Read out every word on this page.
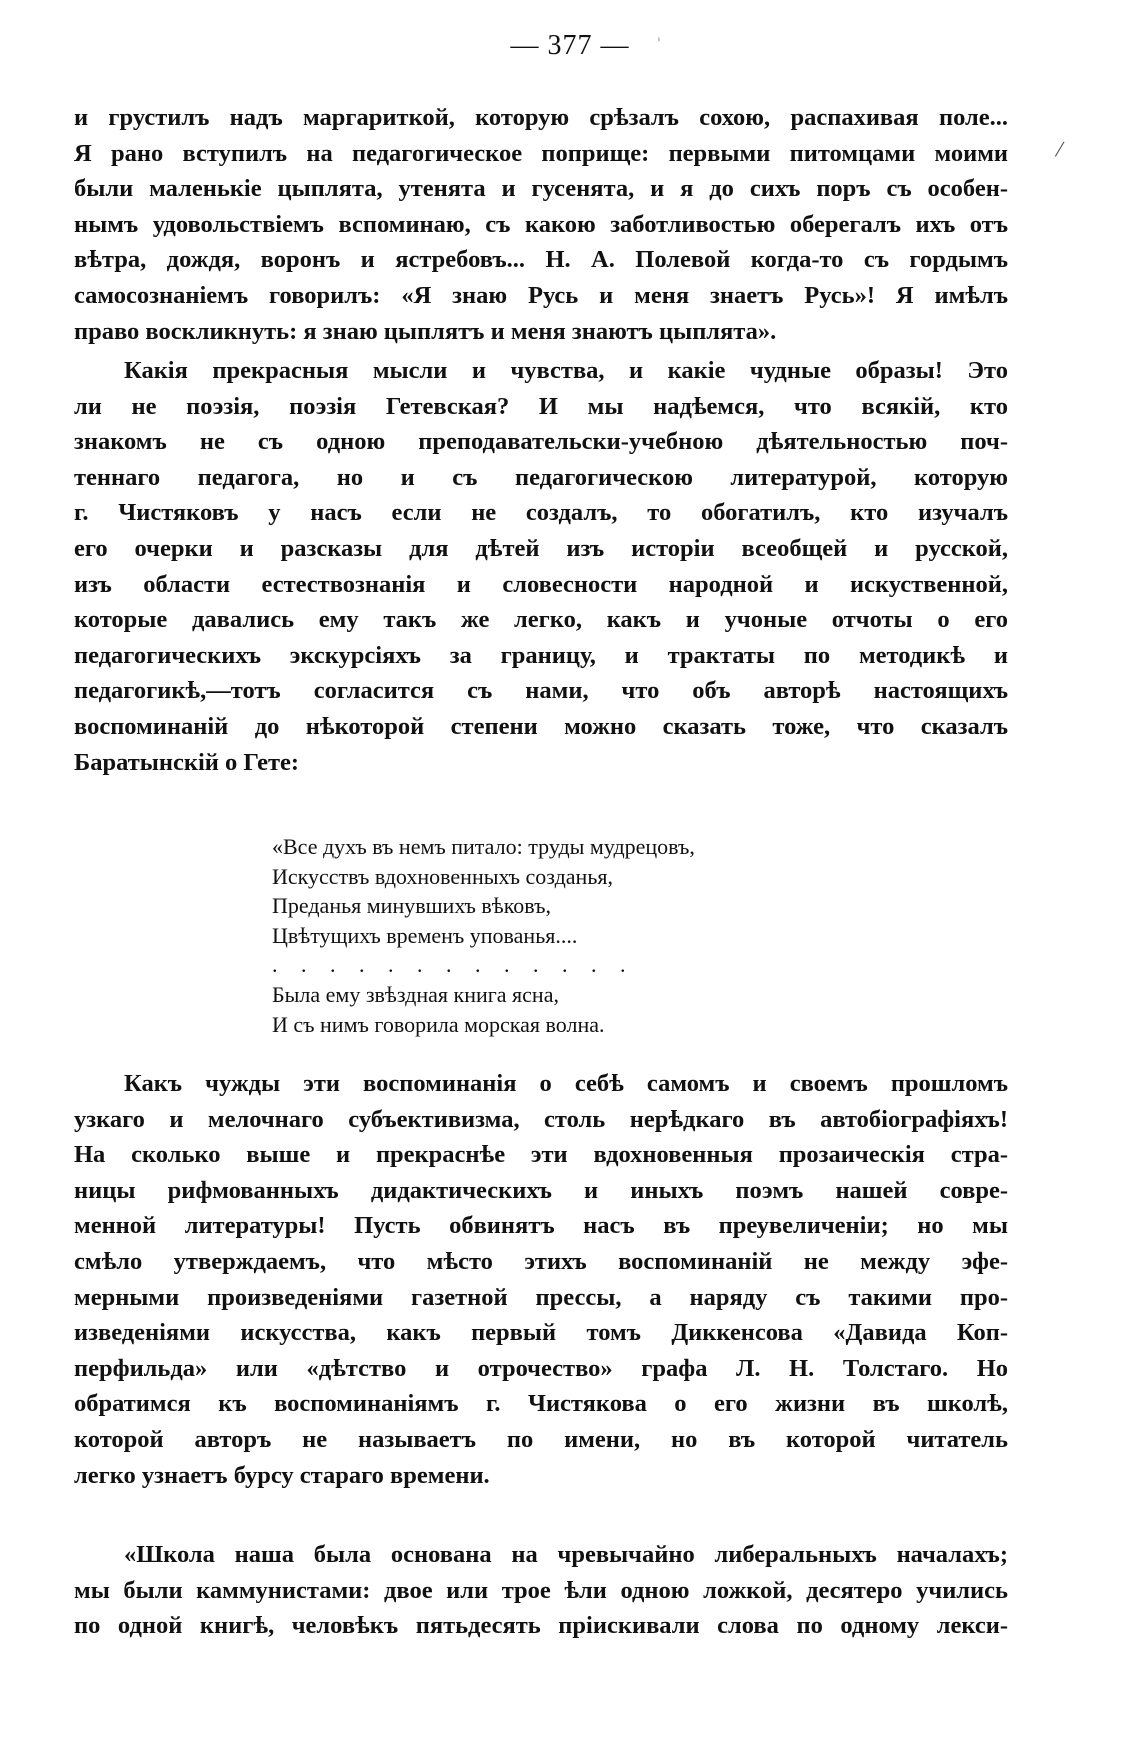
— 377 —	'
/
и грустилъ надъ маргариткой, которую срѣзалъ сохою, распахивая поле...
Я рано вступилъ на педагогическое поприще: первыми питомцами моими
были маленькіе цыплята, утенята и гусенята, и я до сихъ поръ съ особен-
нымъ удовольствіемъ вспоминаю, съ какою заботливостью оберегалъ ихъ отъ
вѣтра, дождя, воронъ и ястребовъ... Н. А. Полевой когда-то съ гордымъ
самосознаніемъ говорилъ: «Я знаю Русь и меня знаетъ Русь»! Я имѣлъ
право воскликнуть: я знаю цыплятъ и меня знаютъ цыплята».
Какія прекрасныя мысли и чувства, и какіе чудные образы! Это
ли не поэзія, поэзія Гетевская? И мы надѣемся, что всякій, кто
знакомъ не съ одною преподавательски-учебною дѣятельностью поч-
теннаго педагога, но и съ педагогическою литературой, которую
г. Чистяковъ у насъ если не создалъ, то обогатилъ, кто изучалъ
его очерки и разсказы для дѣтей изъ исторіи всеобщей и русской,
изъ области естествознанія и словесности народной и искуственной,
которые давались ему такъ же легко, какъ и учоные отчоты о его
педагогическихъ экскурсіяхъ за границу, и трактаты по методикѣ и
педагогикѣ,—тотъ согласится съ нами, что объ авторѣ настоящихъ
воспоминаній до нѣкоторой степени можно сказать тоже, что сказалъ
Баратынскій о Гете:
«Все духъ въ немъ питало: труды мудрецовъ,
Искусствъ вдохновенныхъ созданья,
Преданья минувшихъ вѣковъ,
Цвѣтущихъ временъ упованья....
. . . . . . . . . . . . .
Была ему звѣздная книга ясна,
И съ нимъ говорила морская волна.
Какъ чужды эти воспоминанія о себѣ самомъ и своемъ прошломъ
узкаго и мелочнаго субъективизма, столь нерѣдкаго въ автобіографіяхъ!
На сколько выше и прекраснѣе эти вдохновенныя прозаическія стра-
ницы рифмованныхъ дидактическихъ и иныхъ поэмъ нашей совре-
менной литературы! Пусть обвинятъ насъ въ преувеличеніи; но мы
смѣло утверждаемъ, что мѣсто этихъ воспоминаній не между эфе-
мерными произведеніями газетной прессы, а наряду съ такими про-
изведеніями искусства, какъ первый томъ Диккенсова «Давида Коп-
перфильда» или «дѣтство и отрочество» графа Л. Н. Толстаго. Но
обратимся къ воспоминаніямъ г. Чистякова о его жизни въ школѣ,
которой авторъ не называетъ по имени, но въ которой читатель
легко узнаетъ бурсу стараго времени.
«Школа наша была основана на чревычайно либеральныхъ началахъ;
мы были каммунистами: двое или трое ѣли одною ложкой, десятеро учились
по одной книгѣ, человѣкъ пятьдесять пріискивали слова по одному лекси-
